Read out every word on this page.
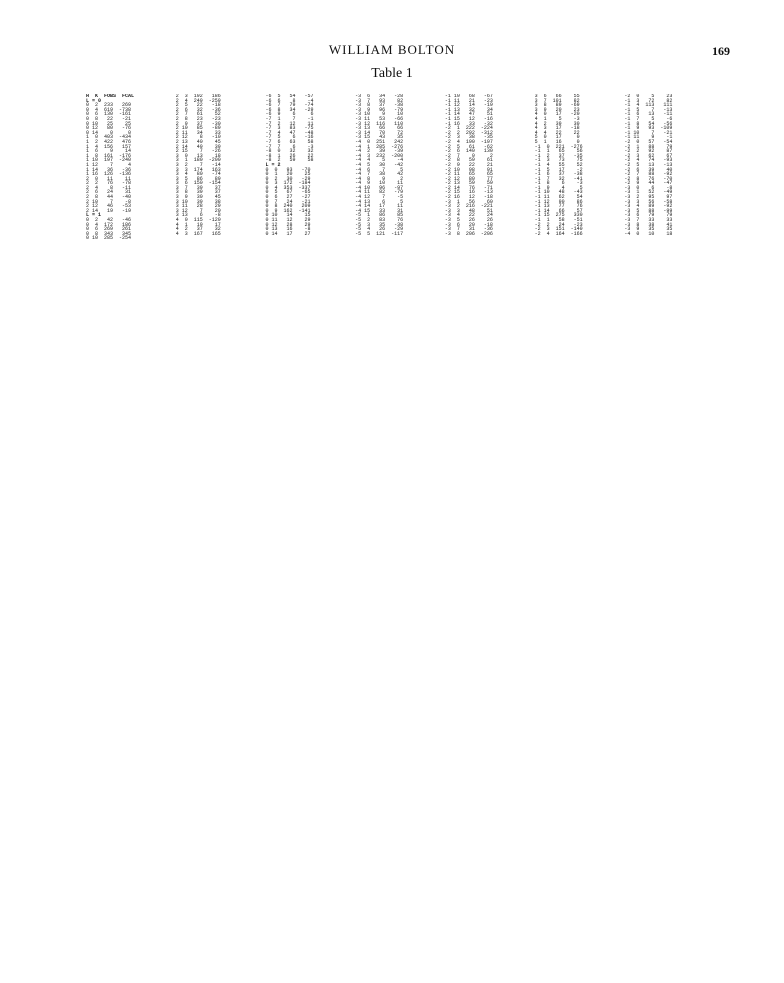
WILLIAM BOLTON	169
Table 1
H  K  FOBS  FCAL
L = 0
0  2  233   269
0  4  619  -738
0  6  130  -161
0  8   22   -21
0 10   25    25
0 12   80   -76
0 14    0     0
1  0  403  -434
1  2  422   476
1  4  156   157
1  6    9    14
1  8  161  -176
1 10  197  -240
1 12    7     4
1 14   36   -36
1 16  126  -136
2  0   11    11
2  2   76   -78
2  4    8   -11
2  6   24    31
2  8   44   -40
2 10    7    -8
2 12   46   -53
2 14   19   -19
L = 1
0  2   42   -46
0  4  172   186
0  6  269   261
0  8  343   345
0 10  285  -254
2  3  192   186
2  4  249  -259
2  5   22   -18
2  6   32   -36
2  7   61    52
2  8   23   -23
2  9   37   -30
2 10   85   -89
2 11   34    33
2 12    8   -10
2 13   40    45
2 14   49    39
2 15    7   -26
3  0   13    18
3  1  180  -200
3  2    7   -14
3  3  174   163
3  4   80   -74
3  5   86    89
3  6  150  -154
3  7   39    37
3  8   39    37
3  9   30    45
3 10   39    38
3 11   28    29
3 12    7    20
3 13    6    -8
4  0  115  -120
4  1   19    17
4  2   37    32
4  3  167   165
-6  5   54   -57
-6  6    8    -4
-6  7   79   -74
-6  8   34   -29
-6  9    6     6
-7  1    7    -1
-7  2   12    11
-7  3   83   -75
-7  4   47   -48
-7  5    6   -16
-7  6   63    58
-7  7    6    -3
-8  0   32    32
-8  1   26    22
-8  2   59    58
L = 2
0  0   93   -70
0  1   20    25
0  2   30   -29
0  3  172  -184
0  4  353  -337
0  5   67   -65
0  6   27   -27
0  7   24   -21
0  8  240   209
0  9  162  -141
0 10   14    15
0 11   12    29
0 12   28    29
0 13   16    -8
0 14   17    27
-3  6   34   -28
-3  7   93    82
-3  8   37   -38
-3  9   96   -79
-3 10    9    10
-3 11   53   -66
-3 12  116   110
-3 13   66    66
-3 14   70    72
-3 15   43    35
-4  0  251   242
-4  1  285  -276
-4  2   39   -39
-4  3  232  -200
-4  4    5    -4
-4  5   30   -42
-4  6    7     5
-4  7   38    42
-4  8    9     2
-4  9   10    11
-4 10   96   -97
-4 11   82   -79
-4 12    7    -5
-4 13    6     5
-4 14   17    11
-4 15   33    31
-5  1   86    85
-5  2   83    76
-5  3   35   -38
-5  4   26   -29
-5  5  121  -117
-1 10   68   -67
-1 11   21   -23
-1 12   14   -19
-1 13   32    34
-1 14   47    51
-1 15   12   -16
-1 16   33   -32
-2  1  222  -224
-2  2  292  -312
-2  3   38   -35
-2  4  190  -197
-2  5   61   -62
-2  6  140   130
-2  7    0     2
-2  8   59    61
-2  9   22    21
-2 10   98    91
-2 11   65    65
-2 12   80    77
-2 13   59    59
-2 14   76   -71
-2 15   16   -13
-2 16   12   -18
-3  1   56    60
-3  2  216  -221
-3  3   48    51
-3  4   22    24
-3  5   26    26
-3  6   20   -18
-3  7   31   -36
-3  8  206  -206
3  6   66    55
3  7  101    82
3  8   89   -69
3  9   20    23
4  0   17   -20
4  1    5    -3
4  2   39    30
4  3   17   -18
4  4   22    22
5  0   17     0
5  1   16     0
-1  0  221  -276
-1  1   65    56
-1  2   37   -35
-1  3   73    75
-1  4   55    52
-1  5   17    -2
-1  6   37   -38
-1  7   32   -41
-1  8    6    -3
-1  9    4     5
-1 10   48   -43
-1 11   62    54
-1 12   90    86
-1 13   77    76
-1 14   66    57
-1 15  275   330
-1  1   58   -51
-2  2   24   -23
-2  3  151  -140
-2  4  164  -166
-2  0    5    23
-1  3   72    82
-1  4  113   111
-1  5    7   -13
-1  6   13   -11
-1  7    5    -6
-1  8   54   -56
-1  9   93  -109
-1 10    7   -21
-1 11    9    -1
-2  0   57   -54
-2  1   88    79
-2  2   92    87
-2  3   62    67
-2  4   74   -93
-2  5   13   -13
-2  6   39    40
-2  7   88   -92
-2  8   76   -70
-2  9   44   -47
-3  0    6    -8
-3  1   52   -49
-3  2   95    97
-3  3   56   -58
-3  4   89   -92
-3  5   88   -99
-3  6   79    79
-3  7   33    33
-3  8   38    41
-3  9   35    35
-4  0   10    18
